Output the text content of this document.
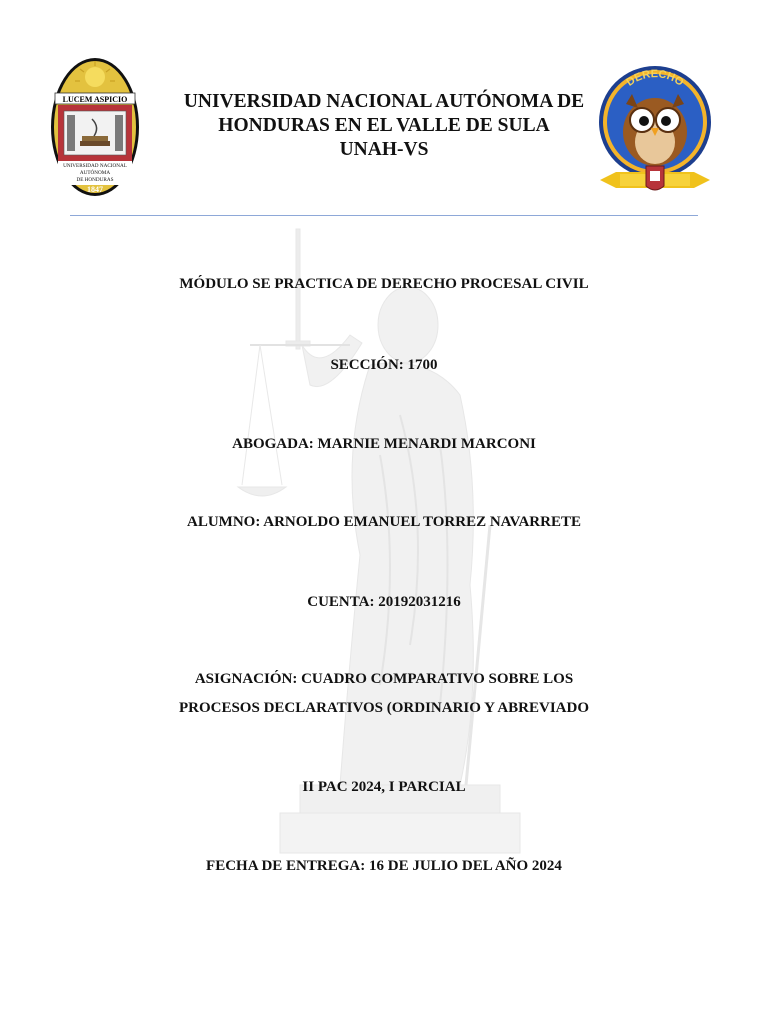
LUCEM ASPICIO
UNIVERSIDAD NACIONAL
AUTÓNOMA
DE HONDURAS
1847
UNIVERSIDAD NACIONAL AUTÓNOMA DE
HONDURAS EN EL VALLE DE SULA
UNAH-VS
DERECHO
MÓDULO SE PRACTICA DE DERECHO PROCESAL CIVIL
SECCIÓN: 1700
ABOGADA: MARNIE MENARDI MARCONI
ALUMNO: ARNOLDO EMANUEL TORREZ NAVARRETE
CUENTA: 20192031216
ASIGNACIÓN: CUADRO COMPARATIVO SOBRE LOS
PROCESOS DECLARATIVOS (ORDINARIO Y ABREVIADO
II PAC 2024, I PARCIAL
FECHA DE ENTREGA: 16 DE JULIO DEL AÑO 2024
